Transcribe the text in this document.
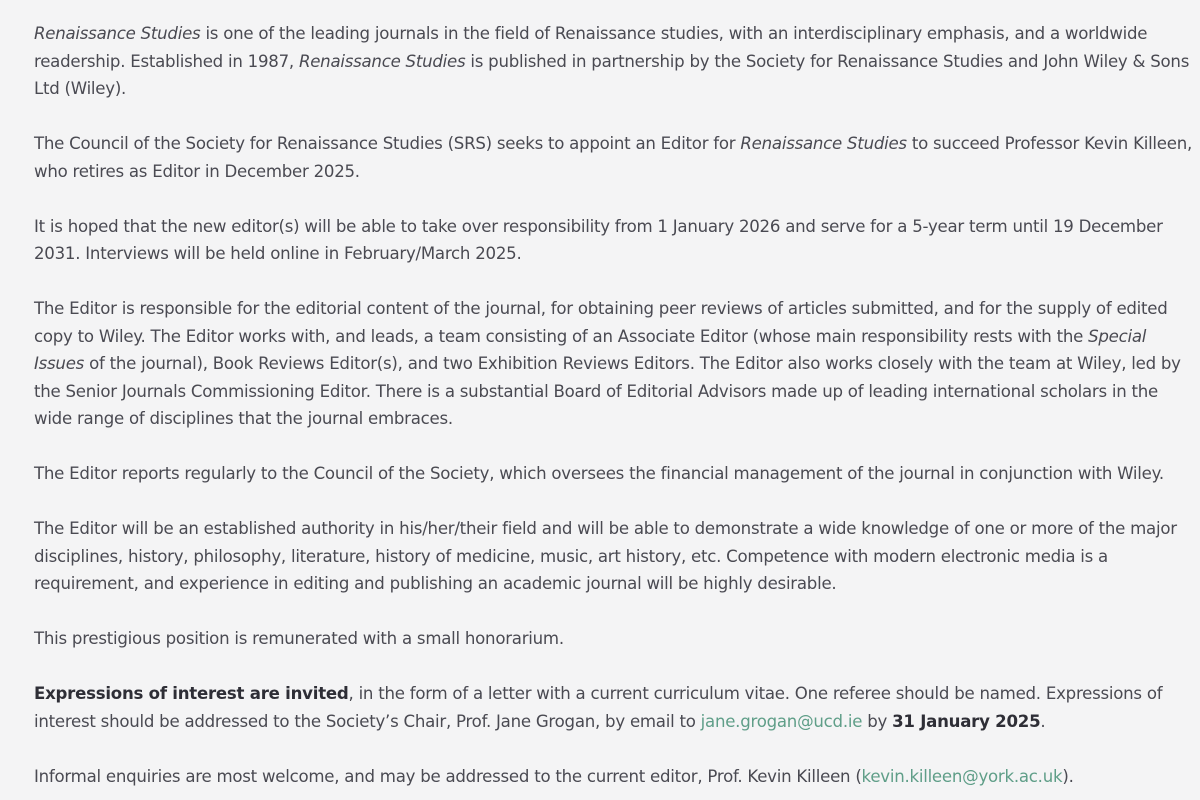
Renaissance Studies is one of the leading journals in the field of Renaissance studies, with an interdisciplinary emphasis, and a worldwide readership. Established in 1987, Renaissance Studies is published in partnership by the Society for Renaissance Studies and John Wiley & Sons Ltd (Wiley).

The Council of the Society for Renaissance Studies (SRS) seeks to appoint an Editor for Renaissance Studies to succeed Professor Kevin Killeen, who retires as Editor in December 2025.

It is hoped that the new editor(s) will be able to take over responsibility from 1 January 2026 and serve for a 5-year term until 19 December 2031. Interviews will be held online in February/March 2025.

The Editor is responsible for the editorial content of the journal, for obtaining peer reviews of articles submitted, and for the supply of edited copy to Wiley. The Editor works with, and leads, a team consisting of an Associate Editor (whose main responsibility rests with the Special Issues of the journal), Book Reviews Editor(s), and two Exhibition Reviews Editors. The Editor also works closely with the team at Wiley, led by the Senior Journals Commissioning Editor. There is a substantial Board of Editorial Advisors made up of leading international scholars in the wide range of disciplines that the journal embraces.

The Editor reports regularly to the Council of the Society, which oversees the financial management of the journal in conjunction with Wiley.

The Editor will be an established authority in his/her/their field and will be able to demonstrate a wide knowledge of one or more of the major disciplines, history, philosophy, literature, history of medicine, music, art history, etc. Competence with modern electronic media is a requirement, and experience in editing and publishing an academic journal will be highly desirable.

This prestigious position is remunerated with a small honorarium.

Expressions of interest are invited, in the form of a letter with a current curriculum vitae. One referee should be named. Expressions of interest should be addressed to the Society’s Chair, Prof. Jane Grogan, by email to jane.grogan@ucd.ie by 31 January 2025.

Informal enquiries are most welcome, and may be addressed to the current editor, Prof. Kevin Killeen (kevin.killeen@york.ac.uk).
